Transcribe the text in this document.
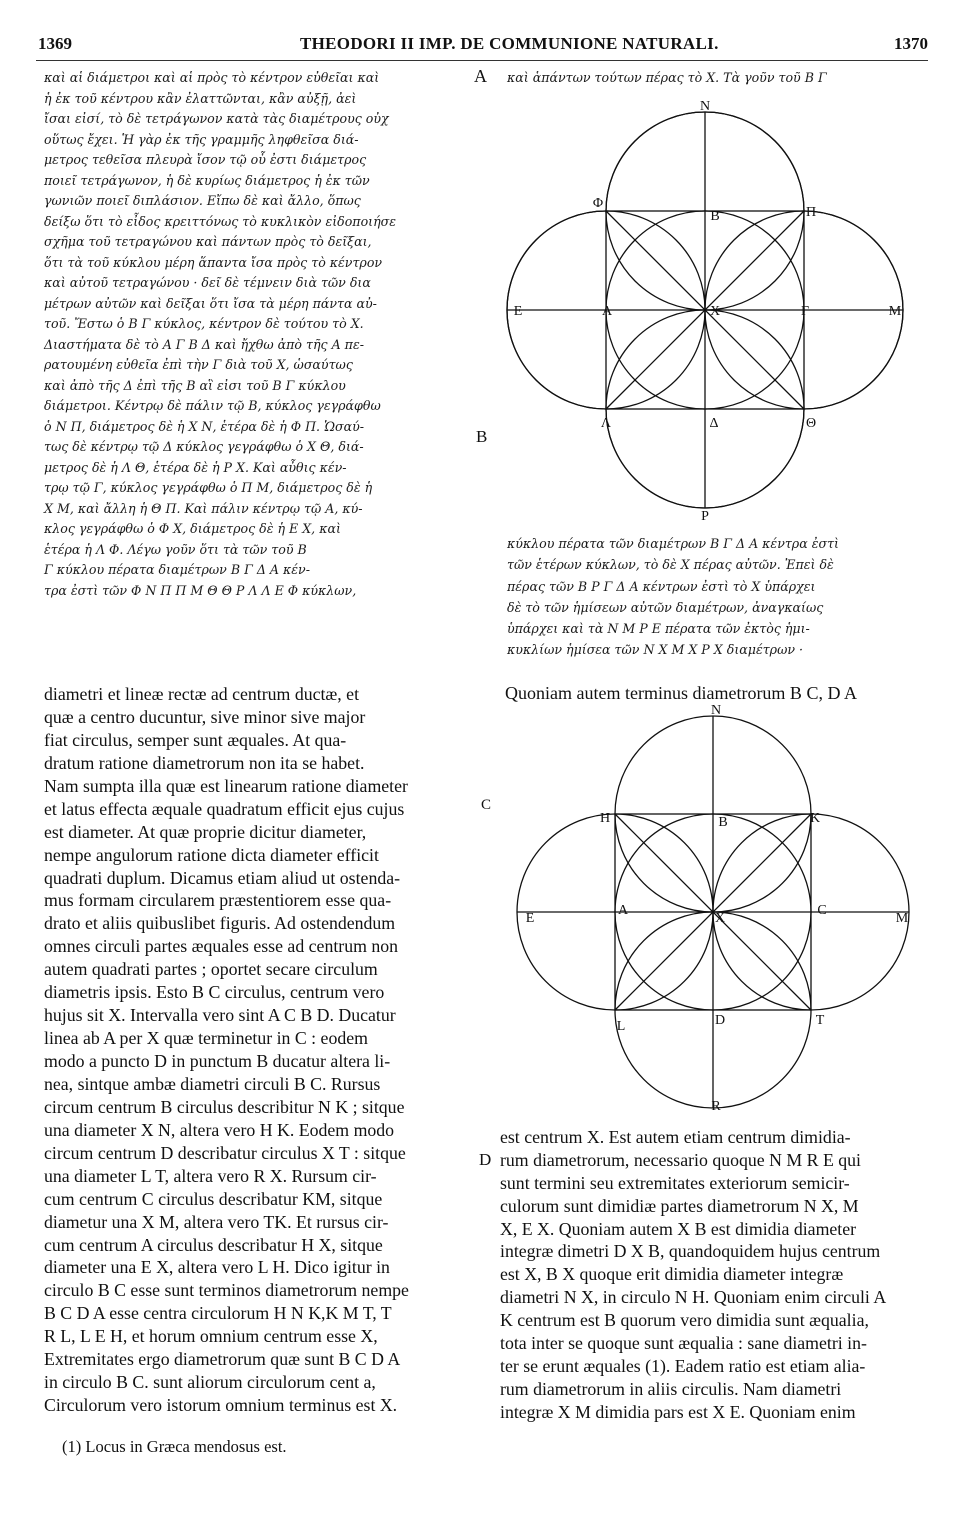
1369	THEODORI II IMP. DE COMMUNIONE NATURALI.	1370
καὶ αἱ διάμετροι καὶ αἱ πρὸς τὸ κέντρον εὐθεῖαι καὶ
ἡ ἐκ τοῦ κέντρου κἂν ἐλαττῶνται, κἂν αὐξῇ, ἀεὶ
ἴσαι εἰσί, τὸ δὲ τετράγωνον κατὰ τὰς διαμέτρους οὐχ
οὕτως ἔχει. Ἡ γὰρ ἐκ τῆς γραμμῆς ληφθεῖσα διά-
μετρος τεθεῖσα πλευρὰ ἴσον τῷ οὗ ἐστι διάμετρος
ποιεῖ τετράγωνον, ἡ δὲ κυρίως διάμετρος ἡ ἐκ τῶν
γωνιῶν ποιεῖ διπλάσιον. Εἴπω δὲ καὶ ἄλλο, ὅπως
δείξω ὅτι τὸ εἶδος κρειττόνως τὸ κυκλικὸν εἰδοποιήσε
σχῆμα τοῦ τετραγώνου καὶ πάντων πρὸς τὸ δεῖξαι,
ὅτι τὰ τοῦ κύκλου μέρη ἅπαντα ἴσα πρὸς τὸ κέντρον
καὶ αὐτοῦ τετραγώνου · δεῖ δὲ τέμνειν διὰ τῶν δια
μέτρων αὐτῶν καὶ δεῖξαι ὅτι ἴσα τὰ μέρη πάντα αὐ-
τοῦ. Ἔστω ὁ Β Γ κύκλος, κέντρον δὲ τούτου τὸ Χ.
Διαστήματα δὲ τὸ Α Γ Β Δ καὶ ἤχθω ἀπὸ τῆς Α πε-
ρατουμένη εὐθεῖα ἐπὶ τὴν Γ διὰ τοῦ Χ, ὡσαύτως
καὶ ἀπὸ τῆς Δ ἐπὶ τῆς Β αἳ εἰσι τοῦ Β Γ κύκλου
διάμετροι. Κέντρῳ δὲ πάλιν τῷ Β, κύκλος γεγράφθω
ὁ Ν Π, διάμετρος δὲ ἡ Χ Ν, ἑτέρα δὲ ἡ Φ Π. Ὡσαύ-
τως δὲ κέντρῳ τῷ Δ κύκλος γεγράφθω ὁ Χ Θ, διά-
μετρος δὲ ἡ Λ Θ, ἑτέρα δὲ ἡ Ρ Χ. Καὶ αὖθις κέν-
τρῳ τῷ Γ, κύκλος γεγράφθω ὁ Π Μ, διάμετρος δὲ ἡ
Χ Μ, καὶ ἄλλη ἡ Θ Π. Καὶ πάλιν κέντρῳ τῷ Α, κύ-
κλος γεγράφθω ὁ Φ Χ, διάμετρος δὲ ἡ Ε Χ, καὶ
ἑτέρα ἡ Λ Φ. Λέγω γοῦν ὅτι τὰ τῶν τοῦ Β
Γ κύκλου πέρατα διαμέτρων Β Γ Δ Α κέν-
τρα ἐστὶ τῶν Φ Ν Π Π Μ Θ Θ Ρ Λ Λ Ε Φ κύκλων,
καὶ ἁπάντων τούτων πέρας τὸ Χ. Τὰ γοῦν τοῦ Β Γ
Ν
Φ
Β	Π
Ε	Α	Χ	Γ	Μ
Λ	Δ	Θ
Ρ
κύκλου πέρατα τῶν διαμέτρων Β Γ Δ Α κέντρα ἐστὶ
τῶν ἑτέρων κύκλων, τὸ δὲ Χ πέρας αὐτῶν. Ἐπεὶ δὲ
πέρας τῶν Β Ρ Γ Δ Α κέντρων ἐστὶ τὸ Χ ὑπάρχει
δὲ τὸ τῶν ἡμίσεων αὐτῶν διαμέτρων, ἀναγκαίως
ὑπάρχει καὶ τὰ Ν Μ Ρ Ε πέρατα τῶν ἐκτὸς ἡμι-
κυκλίων ἡμίσεα τῶν Ν Χ Μ Χ Ρ Χ διαμέτρων ·
diametri et lineæ rectæ ad centrum ductæ, et
quæ a centro ducuntur, sive minor sive major
fiat circulus, semper sunt æquales. At qua-
dratum ratione diametrorum non ita se habet.
Nam sumpta illa quæ est linearum ratione diameter
et latus effecta æquale quadratum efficit ejus cujus
est diameter. At quæ proprie dicitur diameter,
nempe angulorum ratione dicta diameter efficit
quadrati duplum. Dicamus etiam aliud ut ostenda-
mus formam circularem præstentiorem esse qua-
drato et aliis quibuslibet figuris. Ad ostendendum
omnes circuli partes æquales esse ad centrum non
autem quadrati partes ; oportet secare circulum
diametris ipsis. Esto B C circulus, centrum vero
hujus sit X. Intervalla vero sint A C B D. Ducatur
linea ab A per X quæ terminetur in C : eodem
modo a puncto D in punctum B ducatur altera li-
nea, sintque ambæ diametri circuli B C. Rursus
circum centrum B circulus describitur N K ; sitque
una diameter X N, altera vero H K. Eodem modo
circum centrum D describatur circulus X T : sitque
una diameter L T, altera vero R X. Rursum cir-
cum centrum C circulus describatur KM, sitque
diametur una X M, altera vero TK. Et rursus cir-
cum centrum A circulus describatur H X, sitque
diameter una E X, altera vero L H. Dico igitur in
circulo B C esse sunt terminos diametrorum nempe
B C D A esse centra circulorum H N K,K M T, T
R L, L E H, et horum omnium centrum esse X,
Extremitates ergo diametrorum quæ sunt B C D A
in circulo B C. sunt aliorum circulorum cent a,
Circulorum vero istorum omnium terminus est X.
Quoniam autem terminus diametrorum B C, D A
N
H	B	K
E
A
X
C
M
L	D	T
R
est centrum X. Est autem etiam centrum dimidia-
rum diametrorum, necessario quoque N M R E qui
sunt termini seu extremitates exteriorum semicir-
culorum sunt dimidiæ partes diametrorum N X, M
X, E X. Quoniam autem X B est dimidia diameter
integræ dimetri D X B, quandoquidem hujus centrum
est X, B X quoque erit dimidia diameter integræ
diametri N X, in circulo N H. Quoniam enim circuli A
K centrum est B quorum vero dimidia sunt æqualia,
tota inter se quoque sunt æqualia : sane diametri in-
ter se erunt æquales (1). Eadem ratio est etiam alia-
rum diametrorum in aliis circulis. Nam diametri
integræ X M dimidia pars est X E. Quoniam enim
A
B
C
D
(1) Locus in Græca mendosus est.
